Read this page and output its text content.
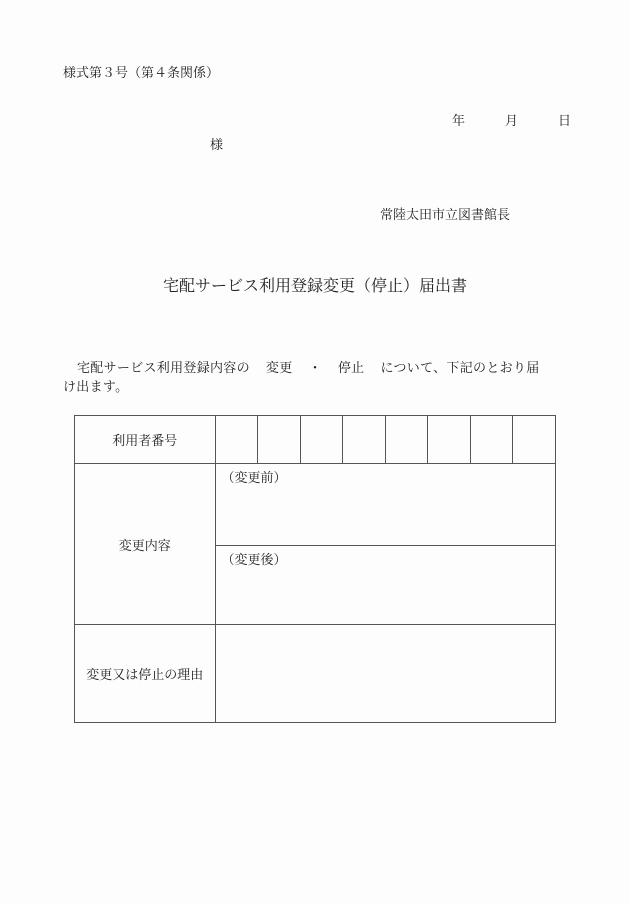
様式第３号（第４条関係）
年	月	日
様
常陸太田市立図書館長
宅配サービス利用登録変更（停止）届出書
宅配サービス利用登録内容の 変更 ・ 停止 について、下記のとおり届
け出ます。
利用者番号								
変更内容	（変更前）							
	（変更後）							
変更又は停止の理由								
